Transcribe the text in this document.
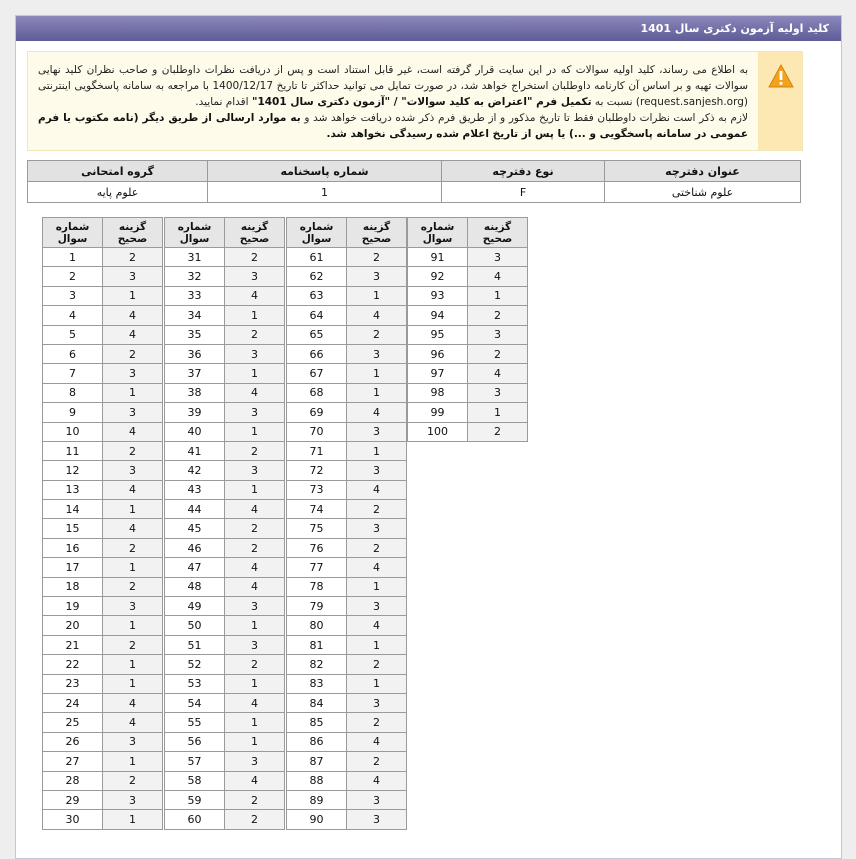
کلید اولیه آزمون دکتری سال 1401
به اطلاع می رساند، کلید اولیه سوالات که در این سایت قرار گرفته است، غیر قابل استناد است و پس از دریافت نظرات داوطلبان و صاحب نظران کلید نهایی سوالات تهیه و بر اساس آن کارنامه داوطلبان استخراج خواهد شد، در صورت تمایل می توانید حداکثر تا تاریخ 1400/12/17 با مراجعه به سامانه پاسخگویی اینترنتی (request.sanjesh.org) نسبت به تکمیل فرم "اعتراض به کلید سوالات" / "آزمون دکتری سال 1401" اقدام نمایید.
لازم به ذکر است نظرات داوطلبان فقط تا تاریخ مذکور و از طریق فرم ذکر شده دریافت خواهد شد و به موارد ارسالی از طریق دیگر (نامه مکتوب یا فرم عمومی در سامانه پاسخگویی و ...) یا پس از تاریخ اعلام شده رسیدگی نخواهد شد.
عنوان دفترچه	نوع دفترچه	شماره پاسخنامه	گروه امتحانی
علوم شناختی	F	1	علوم پایه
گزینه صحیح	شماره سوال
3	91
4	92
1	93
2	94
3	95
2	96
4	97
3	98
1	99
2	100
گزینه صحیح	شماره سوال
2	61
3	62
1	63
4	64
2	65
3	66
1	67
1	68
4	69
3	70
1	71
3	72
4	73
2	74
3	75
2	76
4	77
1	78
3	79
4	80
1	81
2	82
1	83
3	84
2	85
4	86
2	87
4	88
3	89
3	90
گزینه صحیح	شماره سوال
2	31
3	32
4	33
1	34
2	35
3	36
1	37
4	38
3	39
1	40
2	41
3	42
1	43
4	44
2	45
2	46
4	47
4	48
3	49
1	50
3	51
2	52
1	53
4	54
1	55
1	56
3	57
4	58
2	59
2	60
گزینه صحیح	شماره سوال
2	1
3	2
1	3
4	4
4	5
2	6
3	7
1	8
3	9
4	10
2	11
3	12
4	13
1	14
4	15
2	16
1	17
2	18
3	19
1	20
2	21
1	22
1	23
4	24
4	25
3	26
1	27
2	28
3	29
1	30
